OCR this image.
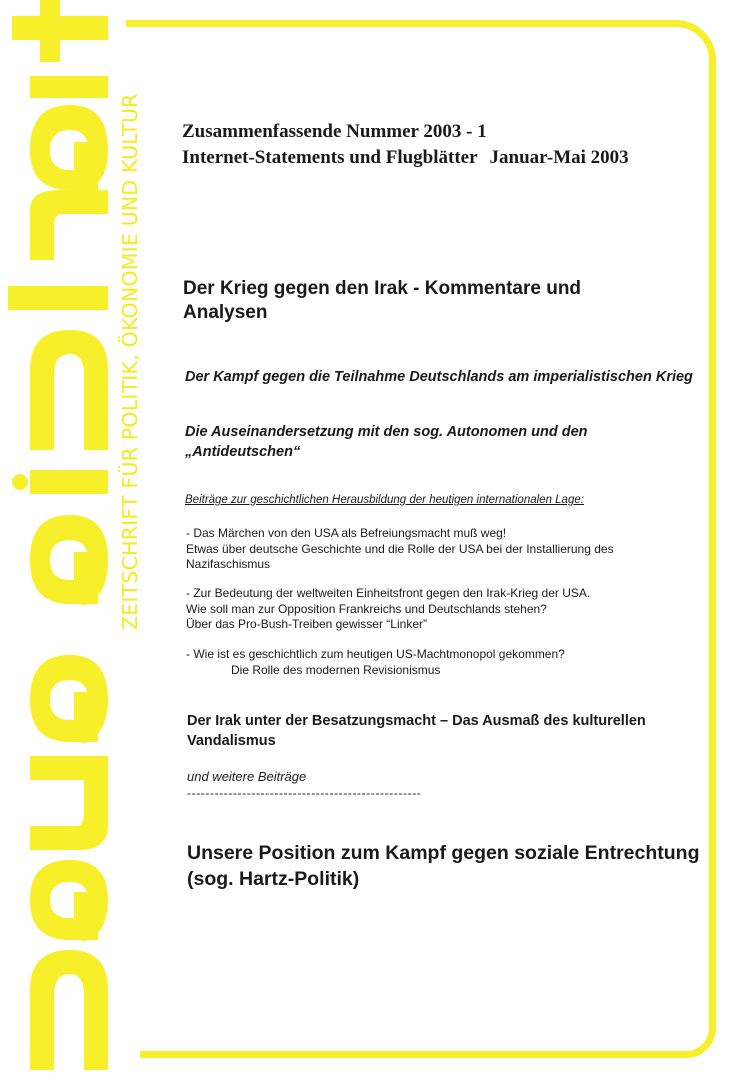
ZEITSCHRIFT FÜR POLITIK, ÖKONOMIE UND KULTUR Zusammenfassende Nummer 2003 - 1
Internet-Statements und Flugblätter Januar-Mai 2003
Der Krieg gegen den Irak - Kommentare und Analysen
Der Kampf gegen die Teilnahme Deutschlands am imperialistischen Krieg
Die Auseinandersetzung mit den sog. Autonomen und den „Antideutschen“
Beiträge zur geschichtlichen Herausbildung der heutigen internationalen Lage:
- Das Märchen von den USA als Befreiungsmacht muß weg!
Etwas über deutsche Geschichte und die Rolle der USA bei der Installierung des
Nazifaschismus
- Zur Bedeutung der weltweiten Einheitsfront gegen den Irak-Krieg der USA.
Wie soll man zur Opposition Frankreichs und Deutschlands stehen?
Über das Pro-Bush-Treiben gewisser “Linker”
- Wie ist es geschichtlich zum heutigen US-Machtmonopol gekommen?
Die Rolle des modernen Revisionismus
Der Irak unter der Besatzungsmacht – Das Ausmaß des kulturellen Vandalismus
und weitere Beiträge
---------------------------------------------------
Unsere Position zum Kampf gegen soziale Entrechtung (sog. Hartz-Politik)
